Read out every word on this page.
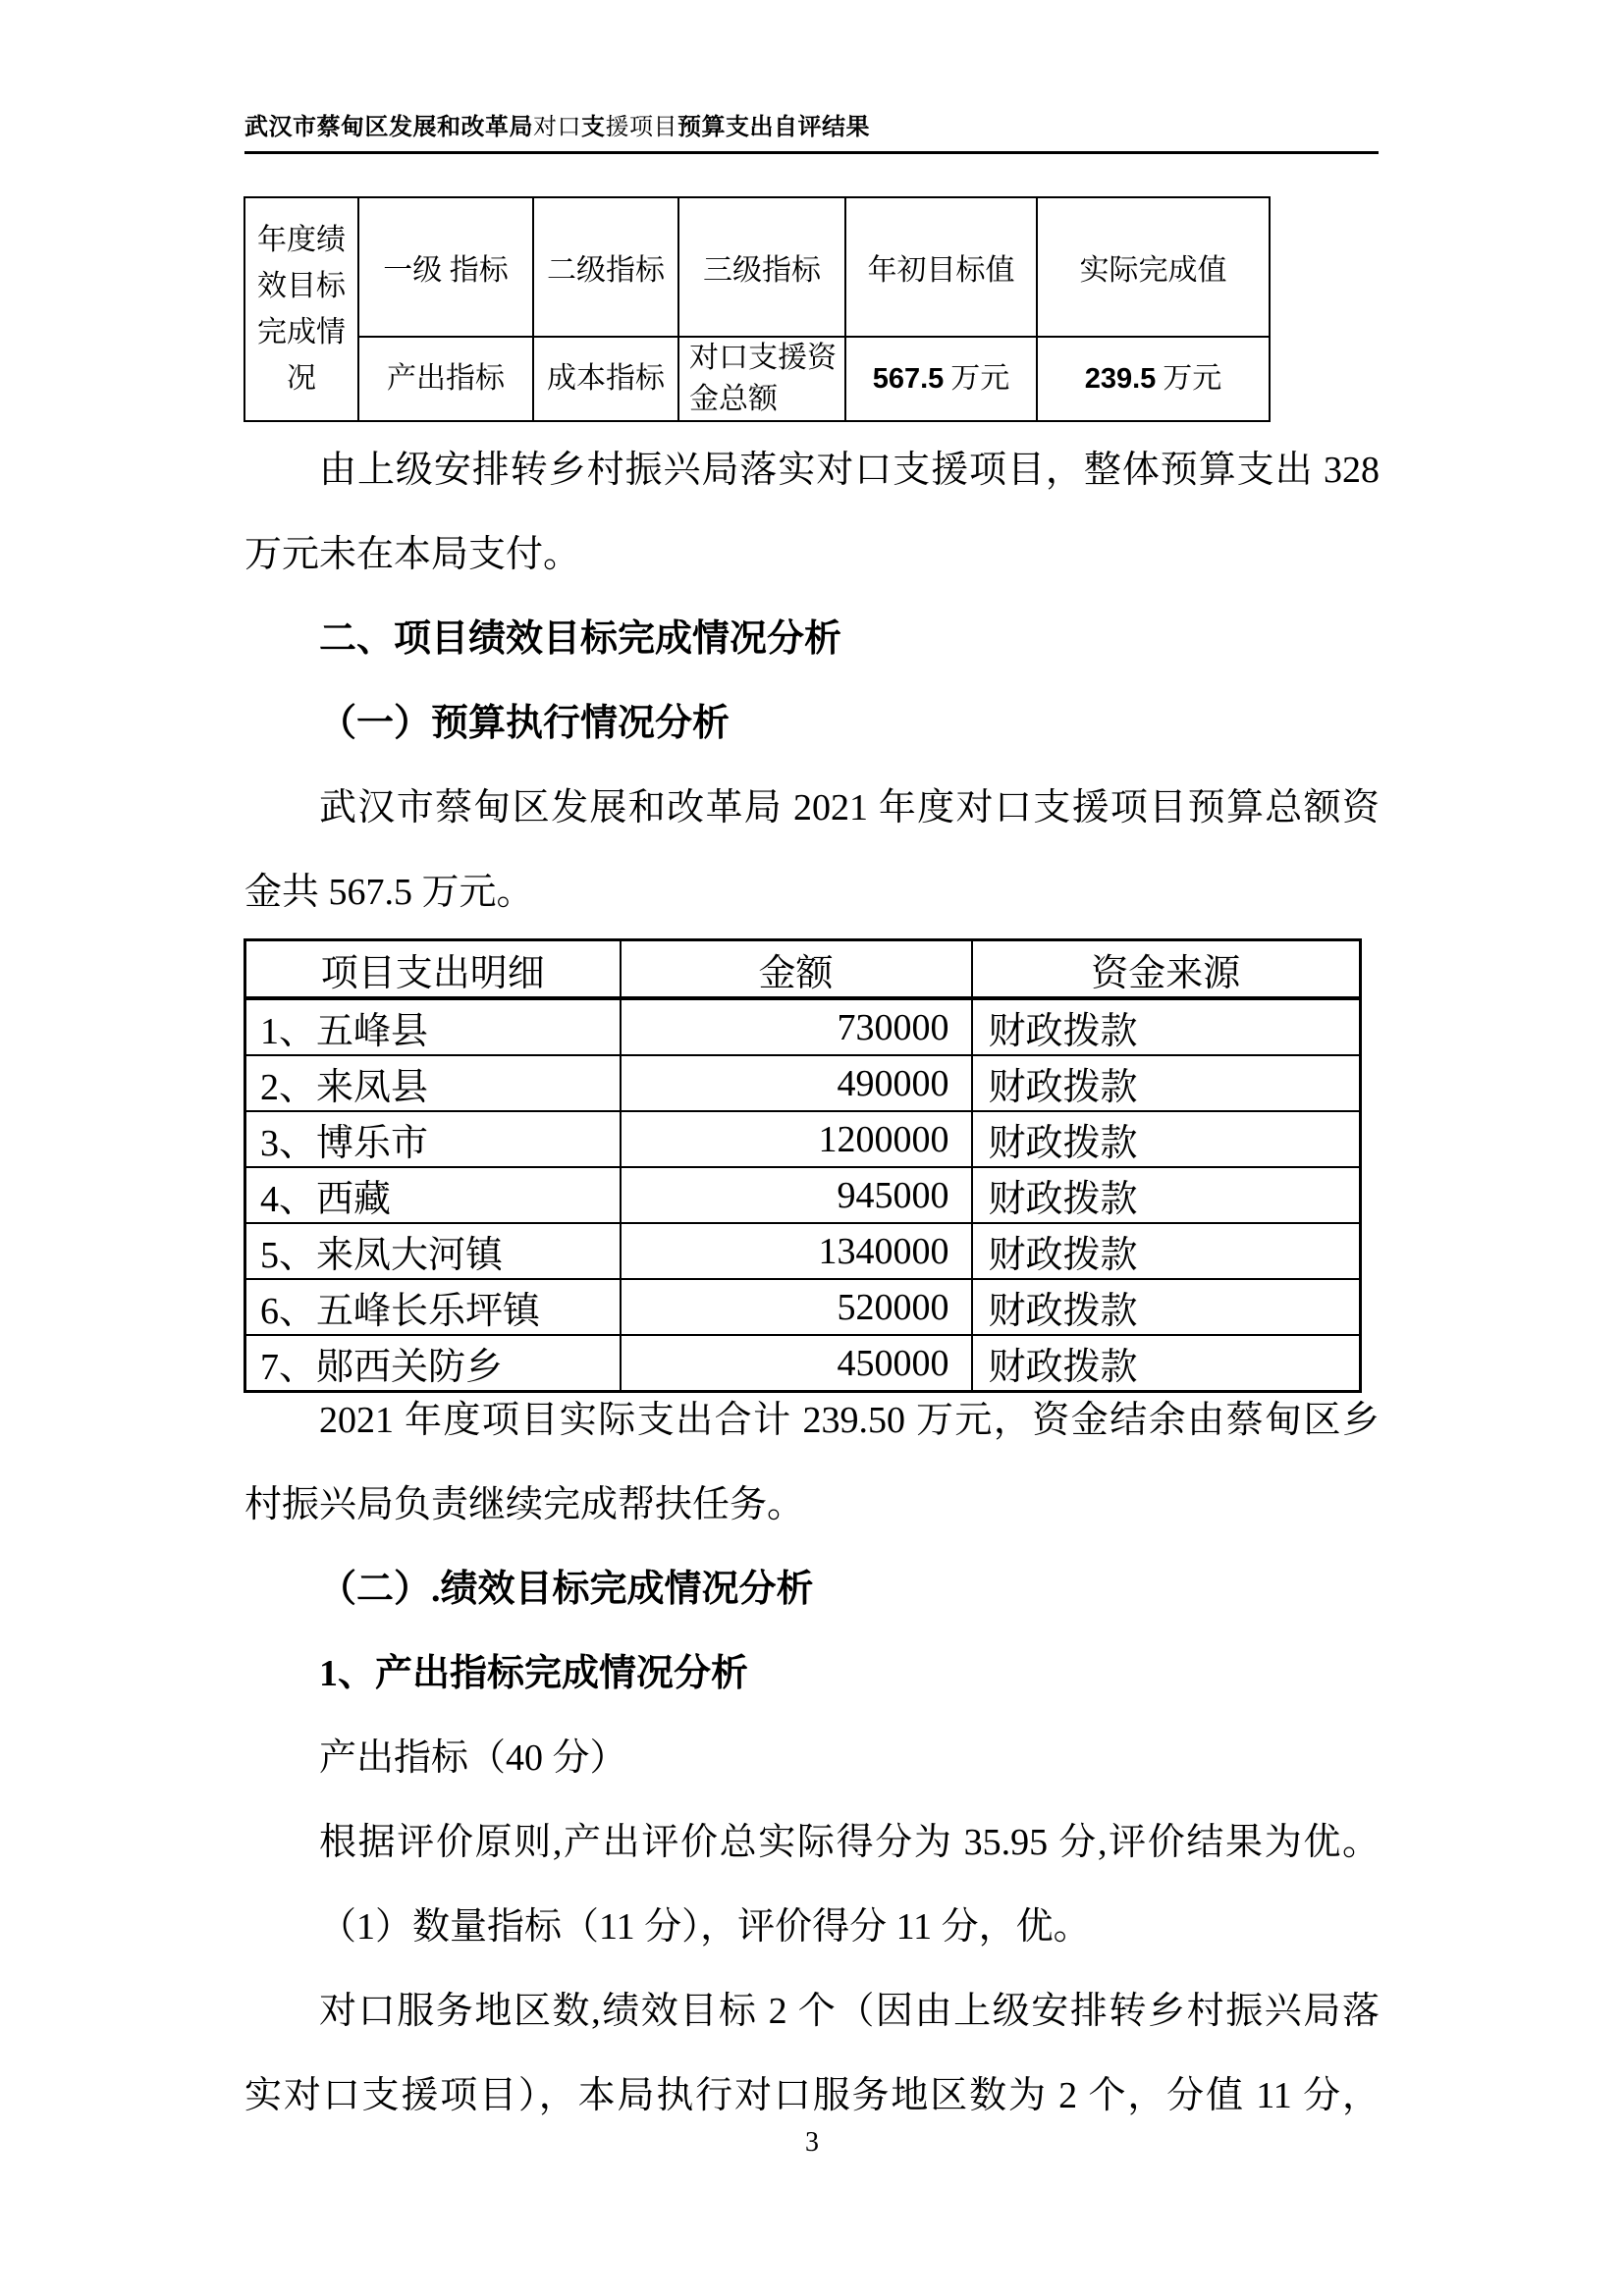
武汉市蔡甸区发展和改革局对口支援项目预算支出自评结果
年度绩效目标完成情况	一级 指标	二级指标	三级指标	年初目标值	实际完成值
	产出指标	成本指标	对口支援资金总额	567.5 万元	239.5 万元

由上级安排转乡村振兴局落实对口支援项目，整体预算支出 328

万元未在本局支付。

二、项目绩效目标完成情况分析

（一）预算执行情况分析

武汉市蔡甸区发展和改革局 2021 年度对口支援项目预算总额资

金共 567.5 万元。

项目支出明细	金额	资金来源
1、五峰县	730000	财政拨款
2、来凤县	490000	财政拨款
3、博乐市	1200000	财政拨款
4、西藏	945000	财政拨款
5、来凤大河镇	1340000	财政拨款
6、五峰长乐坪镇	520000	财政拨款
7、郧西关防乡	450000	财政拨款

2021 年度项目实际支出合计 239.50 万元，资金结余由蔡甸区乡

村振兴局负责继续完成帮扶任务。

（二）.绩效目标完成情况分析

1、产出指标完成情况分析

产出指标（40 分）

根据评价原则,产出评价总实际得分为 35.95 分,评价结果为优。

（1）数量指标（11 分），评价得分 11 分，优。

对口服务地区数,绩效目标 2 个（因由上级安排转乡村振兴局落

实对口支援项目），本局执行对口服务地区数为 2 个，分值 11 分，

3
